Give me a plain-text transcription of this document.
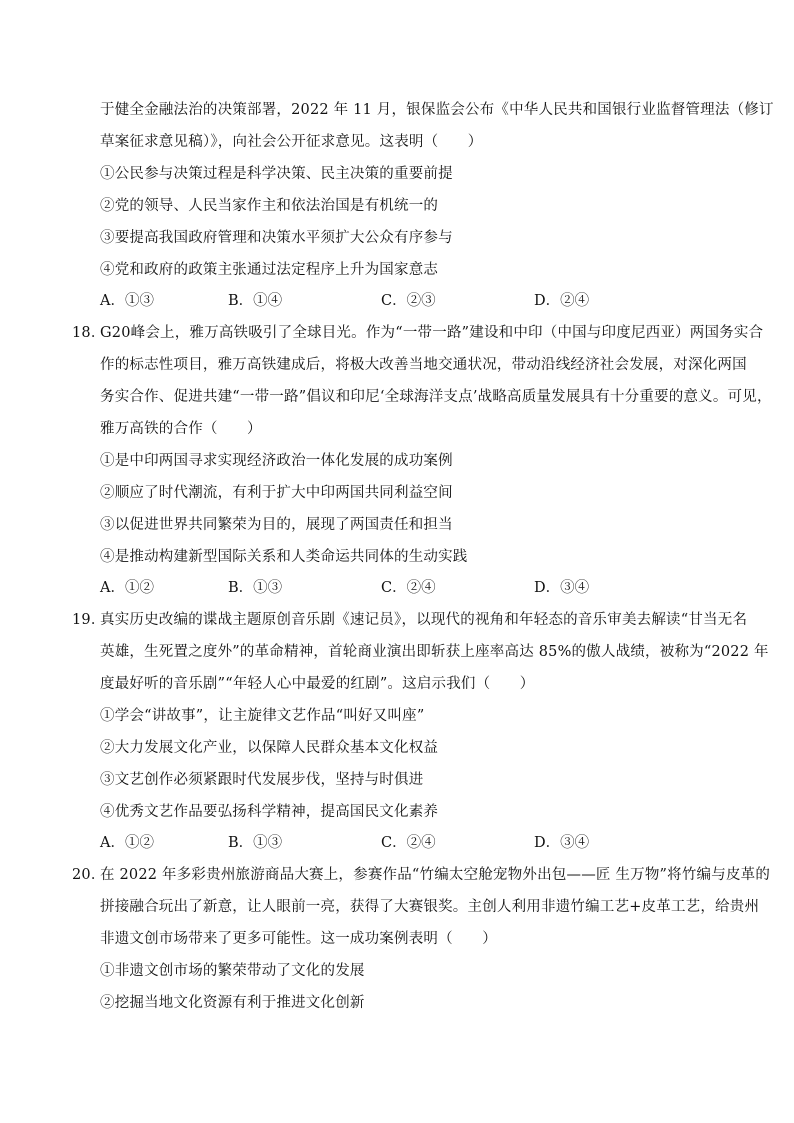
于健全金融法治的决策部署，2022 年 11 月，银保监会公布《中华人民共和国银行业监督管理法（修订
草案征求意见稿）》，向社会公开征求意见。这表明（　　）
①公民参与决策过程是科学决策、民主决策的重要前提
②党的领导、人民当家作主和依法治国是有机统一的
③要提高我国政府管理和决策水平须扩大公众有序参与
④党和政府的政策主张通过法定程序上升为国家意志
A．①③	B．①④	C．②③	D．②④
18．
G20峰会上，雅万高铁吸引了全球目光。作为“一带一路”建设和中印（中国与印度尼西亚）两国务实合
作的标志性项目，雅万高铁建成后，将极大改善当地交通状况，带动沿线经济社会发展，对深化两国
务实合作、促进共建“一带一路”倡议和印尼‘全球海洋支点’战略高质量发展具有十分重要的意义。可见，
雅万高铁的合作（　　）
①是中印两国寻求实现经济政治一体化发展的成功案例
②顺应了时代潮流，有利于扩大中印两国共同利益空间
③以促进世界共同繁荣为目的，展现了两国责任和担当
④是推动构建新型国际关系和人类命运共同体的生动实践
A．①②	B．①③	C．②④	D．③④
19．
真实历史改编的谍战主题原创音乐剧《速记员》，以现代的视角和年轻态的音乐审美去解读“甘当无名
英雄，生死置之度外”的革命精神，首轮商业演出即斩获上座率高达 85%的傲人战绩，被称为“2022 年
度最好听的音乐剧”“年轻人心中最爱的红剧”。这启示我们（　　）
①学会“讲故事”，让主旋律文艺作品“叫好又叫座”
②大力发展文化产业，以保障人民群众基本文化权益
③文艺创作必须紧跟时代发展步伐，坚持与时俱进
④优秀文艺作品要弘扬科学精神，提高国民文化素养
A．①②	B．①③	C．②④	D．③④
20．
在 2022 年多彩贵州旅游商品大赛上，参赛作品“竹编太空舱宠物外出包——匠 生万物”将竹编与皮革的
拼接融合玩出了新意，让人眼前一亮，获得了大赛银奖。主创人利用非遗竹编工艺+皮革工艺，给贵州
非遗文创市场带来了更多可能性。这一成功案例表明（　　）
①非遗文创市场的繁荣带动了文化的发展
②挖掘当地文化资源有利于推进文化创新
